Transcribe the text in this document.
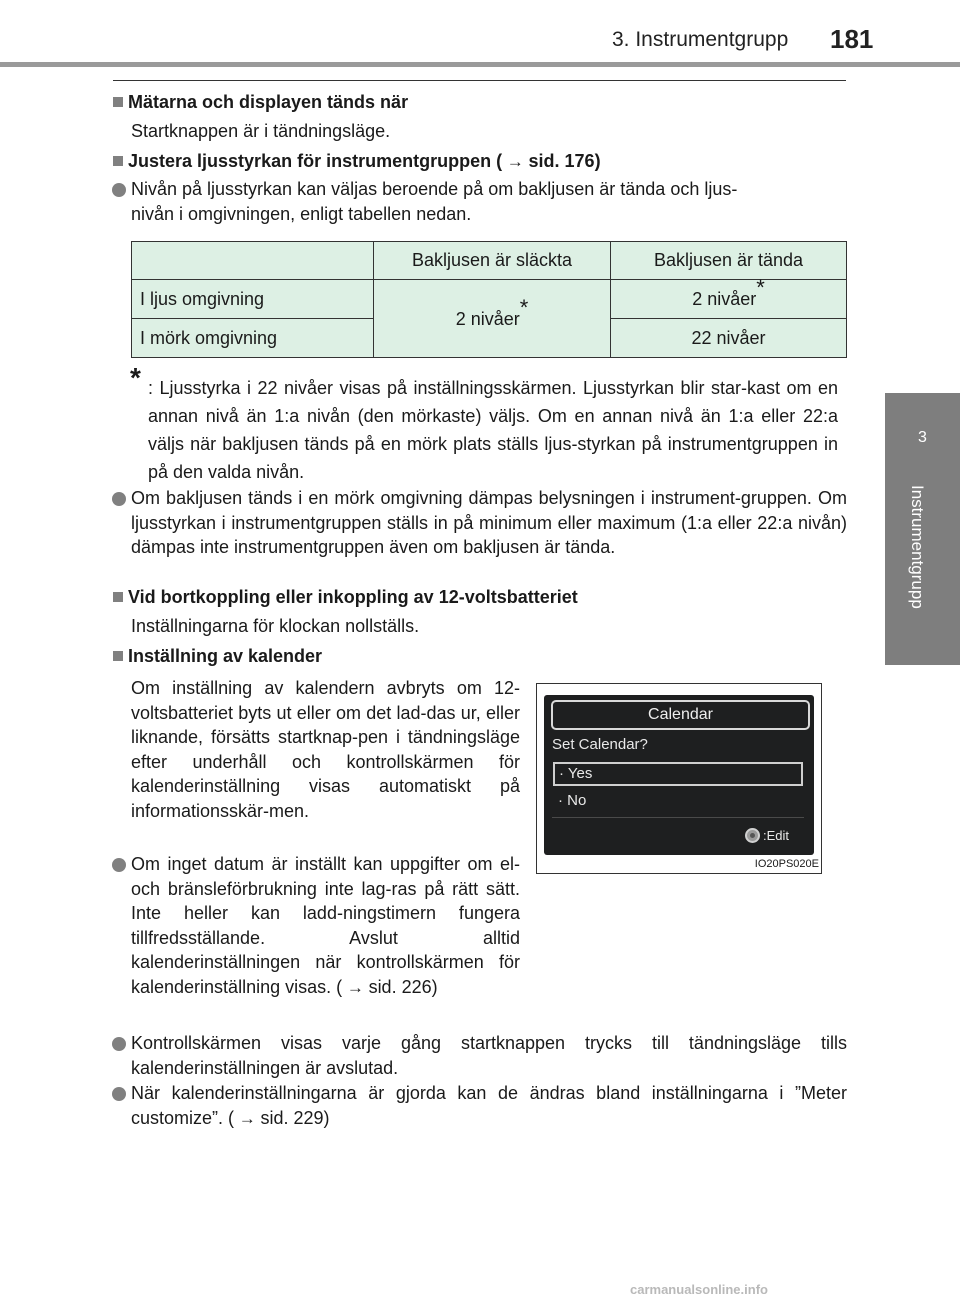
3. Instrumentgrupp 181
3
Instrumentgrupp
Mätarna och displayen tänds när
Startknappen är i tändningsläge.
Justera ljusstyrkan för instrumentgruppen ( → sid. 176)
Nivån på ljusstyrkan kan väljas beroende på om bakljusen är tända och ljus-
nivån i omgivningen, enligt tabellen nedan.
	Bakljusen är släckta	Bakljusen är tända
I ljus omgivning	2 nivåer*	2 nivåer*
I mörk omgivning		22 nivåer
* : Ljusstyrka i 22 nivåer visas på inställningsskärmen. Ljusstyrkan blir star-kast om en annan nivå än 1:a nivån (den mörkaste) väljs. Om en annan nivå än 1:a eller 22:a väljs när bakljusen tänds på en mörk plats ställs ljus-styrkan på instrumentgruppen in på den valda nivån.
Om bakljusen tänds i en mörk omgivning dämpas belysningen i instrument-gruppen. Om ljusstyrkan i instrumentgruppen ställs in på minimum eller maximum (1:a eller 22:a nivån) dämpas inte instrumentgruppen även om bakljusen är tända.
Vid bortkoppling eller inkoppling av 12-voltsbatteriet
Inställningarna för klockan nollställs.
Inställning av kalender
Om inställning av kalendern avbryts om 12-voltsbatteriet byts ut eller om det lad-das ur, eller liknande, försätts startknap-pen i tändningsläge efter underhåll och kontrollskärmen för kalenderinställning visas automatiskt på informationsskär-men.
Om inget datum är inställt kan uppgifter om el- och bränsleförbrukning inte lag-ras på rätt sätt. Inte heller kan ladd-ningstimern fungera tillfredsställande. Avslut alltid kalenderinställningen när kontrollskärmen för kalenderinställning visas. ( → sid. 226)
Kontrollskärmen visas varje gång startknappen trycks till tändningsläge tills kalenderinställningen är avslutad.
När kalenderinställningarna är gjorda kan de ändras bland inställningarna i ”Meter customize”. ( → sid. 229)
Calendar
Set Calendar?
· Yes
· No
:Edit
IO20PS020E
carmanualsonline.info
